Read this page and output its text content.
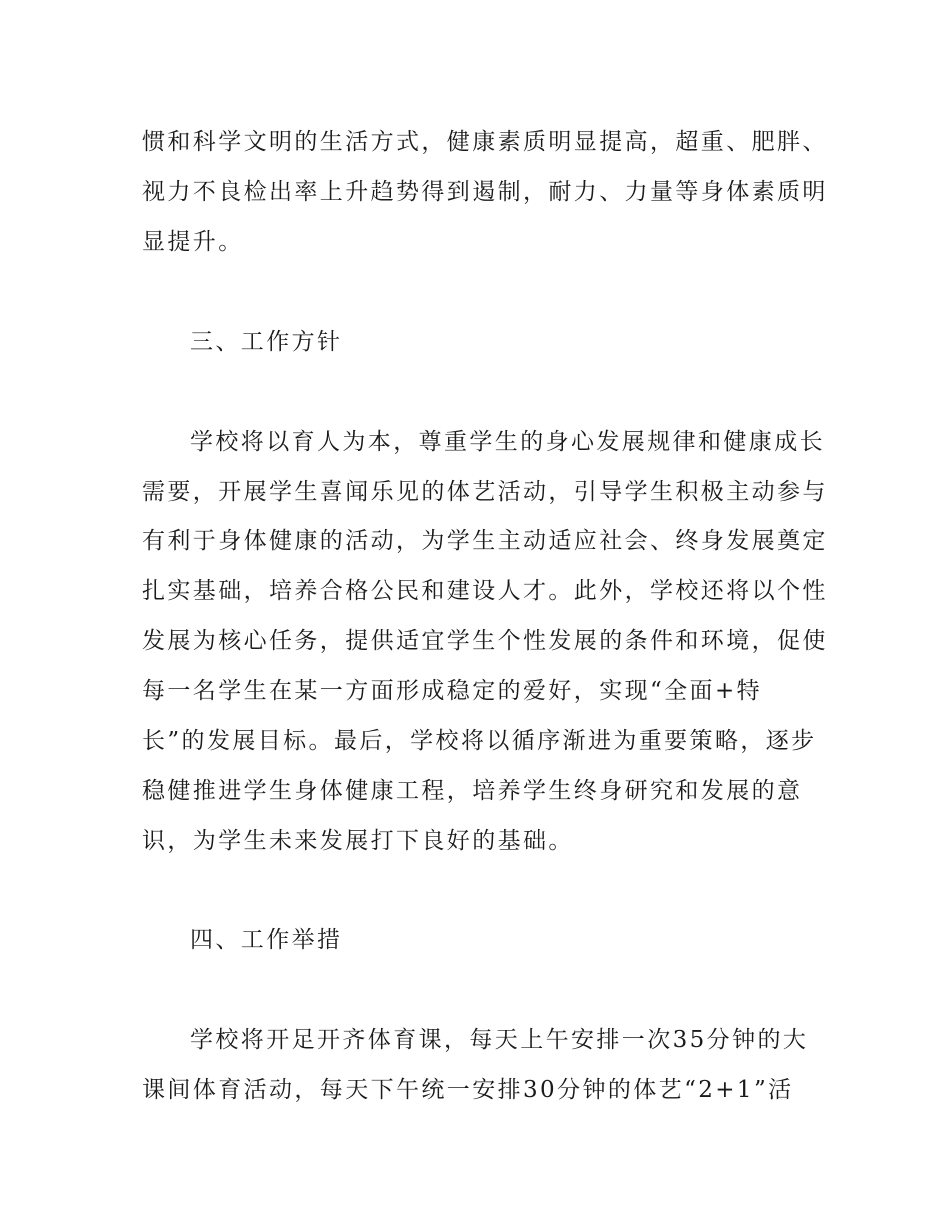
惯和科学文明的生活方式，健康素质明显提高，超重、肥胖、
视力不良检出率上升趋势得到遏制，耐力、力量等身体素质明
显提升。
三、工作方针
学校将以育人为本，尊重学生的身心发展规律和健康成长
需要，开展学生喜闻乐见的体艺活动，引导学生积极主动参与
有利于身体健康的活动，为学生主动适应社会、终身发展奠定
扎实基础，培养合格公民和建设人才。此外，学校还将以个性
发展为核心任务，提供适宜学生个性发展的条件和环境，促使
每一名学生在某一方面形成稳定的爱好，实现“全面+特
长”的发展目标。最后，学校将以循序渐进为重要策略，逐步
稳健推进学生身体健康工程，培养学生终身研究和发展的意
识，为学生未来发展打下良好的基础。
四、工作举措
学校将开足开齐体育课，每天上午安排一次35分钟的大
课间体育活动，每天下午统一安排30分钟的体艺“2+1”活
